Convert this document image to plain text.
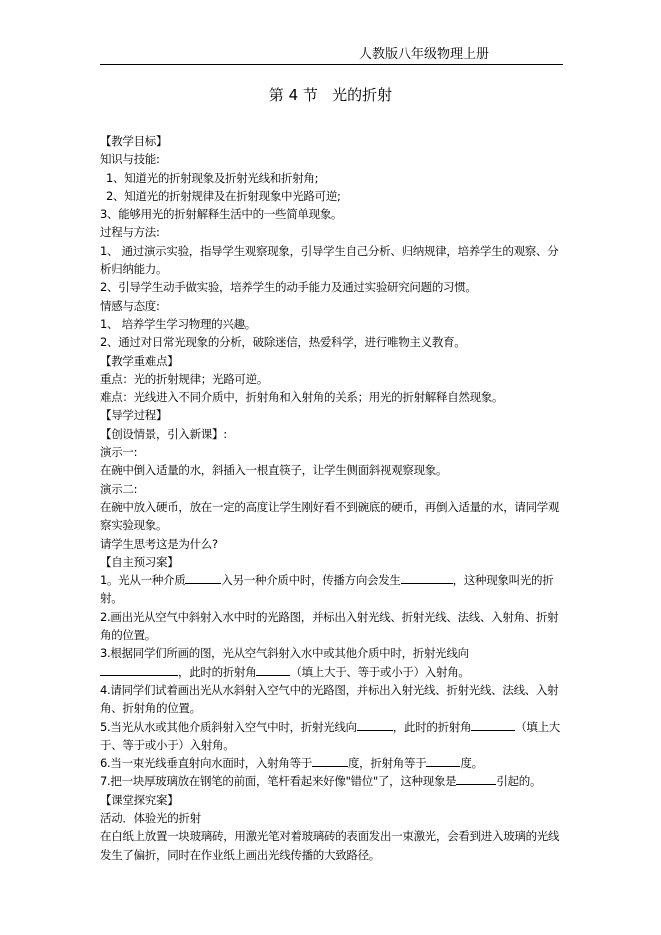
人教版八年级物理上册
第 4 节   光的折射
【教学目标】
知识与技能:
1、知道光的折射现象及折射光线和折射角;
2、知道光的折射规律及在折射现象中光路可逆;
3、能够用光的折射解释生活中的一些简单现象。
过程与方法:
1、 通过演示实验，指导学生观察现象，引导学生自己分析、归纳规律，培养学生的观察、分析归纳能力。
2、引导学生动手做实验，培养学生的动手能力及通过实验研究问题的习惯。
情感与态度:
1、 培养学生学习物理的兴趣。
2、通过对日常光现象的分析，破除迷信，热爱科学，进行唯物主义教育。
【教学重难点】
重点：光的折射规律；光路可逆。
难点：光线进入不同介质中，折射角和入射角的关系；用光的折射解释自然现象。
【导学过程】
【创设情景，引入新课】:
演示一:
在碗中倒入适量的水，斜插入一根直筷子，让学生侧面斜视观察现象。
演示二:
在碗中放入硬币，放在一定的高度让学生刚好看不到碗底的硬币，再倒入适量的水，请同学观察实验现象。
请学生思考这是为什么?
【自主预习案】
1。光从一种介质	入另一种介质中时，传播方向会发生	，这种现象叫光的折射。
2.画出光从空气中斜射入水中时的光路图，并标出入射光线、折射光线、法线、入射角、折射角的位置。
3.根据同学们所画的图，光从空气斜射入水中或其他介质中时，折射光线向
，此时的折射角	（填上大于、等于或小于）入射角。
4.请同学们试着画出光从水斜射入空气中的光路图，并标出入射光线、折射光线、法线、入射角、折射角的位置。
5.当光从水或其他介质斜射入空气中时，折射光线向	，此时的折射角	（填上大于、等于或小于）入射角。
6.当一束光线垂直射向水面时，入射角等于	度，折射角等于	度。
7.把一块厚玻璃放在钢笔的前面，笔杆看起来好像"错位"了，这种现象是	引起的。
【课堂探究案】
活动．体验光的折射
在白纸上放置一块玻璃砖，用激光笔对着玻璃砖的表面发出一束激光，会看到进入玻璃的光线发生了偏折，同时在作业纸上画出光线传播的大致路径。
